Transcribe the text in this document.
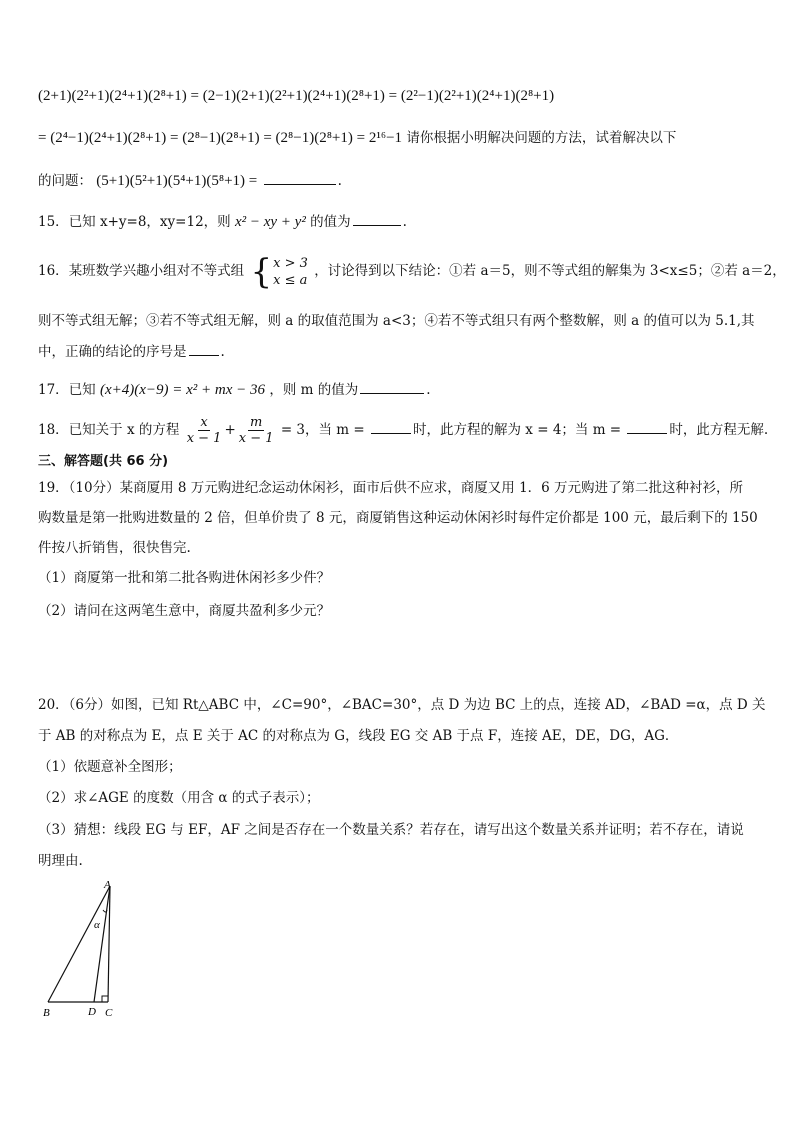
(2+1)(2²+1)(2⁴+1)(2⁸+1) = (2−1)(2+1)(2²+1)(2⁴+1)(2⁸+1) = (2²−1)(2²+1)(2⁴+1)(2⁸+1)
= (2⁴−1)(2⁴+1)(2⁸+1) = (2⁸−1)(2⁸+1) = (2⁸−1)(2⁸+1) = 2¹⁶−1 请你根据小明解决问题的方法，试着解决以下
的问题： (5+1)(5²+1)(5⁴+1)(5⁸+1) =	.
15．已知 x+y=8，xy=12，则 x² − xy + y² 的值为	.
16．某班数学兴趣小组对不等式组 { x > 3
x ≤ a
，讨论得到以下结论：①若 a＝5，则不等式组的解集为 3<x≤5；②若 a＝2，
则不等式组无解；③若不等式组无解，则 a 的取值范围为 a<3；④若不等式组只有两个整数解，则 a 的值可以为 5.1,其
中，正确的结论的序号是	.
17．已知 (x+4)(x−9) = x² + mx − 36 ，则 m 的值为	.
18．已知关于 x 的方程 $\frac{x}{x - 1} + \frac{m}{x - 1} = 3$，当 m =	时，此方程的解为 x = 4；当 m =	时，此方程无解.
三、解答题(共 66 分)
19．（10分）某商厦用 8 万元购进纪念运动休闲衫，面市后供不应求，商厦又用 1．6 万元购进了第二批这种衬衫，所
购数量是第一批购进数量的 2 倍，但单价贵了 8 元，商厦销售这种运动休闲衫时每件定价都是 100 元，最后剩下的 150
件按八折销售，很快售完.
（1）商厦第一批和第二批各购进休闲衫多少件？
（2）请问在这两笔生意中，商厦共盈利多少元？
20．（6分）如图，已知 Rt△ABC 中，∠C=90°，∠BAC=30°，点 D 为边 BC 上的点，连接 AD，∠BAD =α，点 D 关
于 AB 的对称点为 E，点 E 关于 AC 的对称点为 G，线段 EG 交 AB 于点 F，连接 AE，DE，DG，AG．
（1）依题意补全图形；
（2）求∠AGE 的度数（用含 α 的式子表示）；
（3）猜想：线段 EG 与 EF，AF 之间是否存在一个数量关系？若存在，请写出这个数量关系并证明；若不存在，请说
明理由.
A
B	D C
α
